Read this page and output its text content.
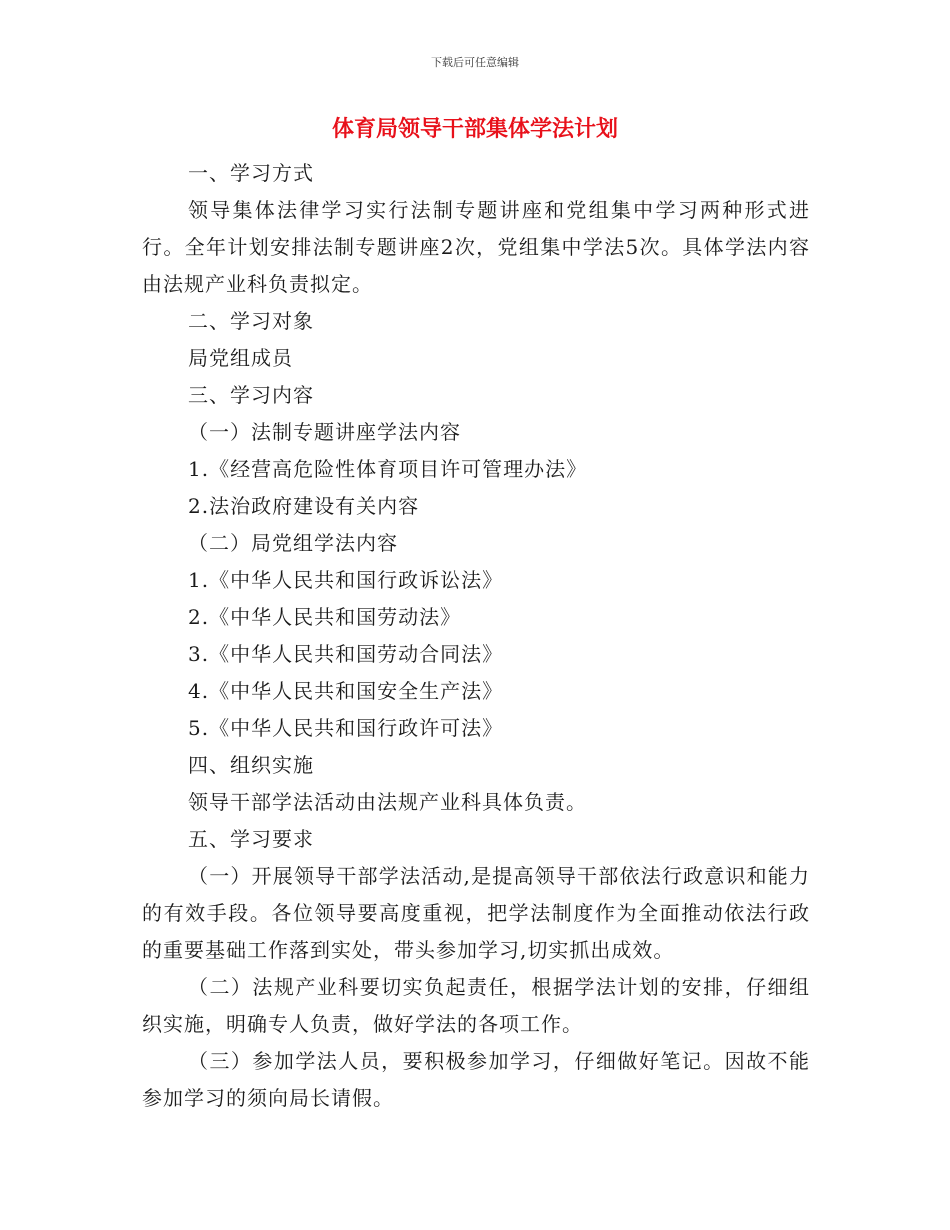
下载后可任意编辑
体育局领导干部集体学法计划

一、学习方式

领导集体法律学习实行法制专题讲座和党组集中学习两种形式进行。全年计划安排法制专题讲座2次，党组集中学法5次。具体学法内容由法规产业科负责拟定。

二、学习对象

局党组成员

三、学习内容

（一）法制专题讲座学法内容

1.《经营高危险性体育项目许可管理办法》

2.法治政府建设有关内容

（二）局党组学法内容

1.《中华人民共和国行政诉讼法》

2.《中华人民共和国劳动法》

3.《中华人民共和国劳动合同法》

4.《中华人民共和国安全生产法》

5.《中华人民共和国行政许可法》

四、组织实施

领导干部学法活动由法规产业科具体负责。

五、学习要求

（一）开展领导干部学法活动,是提高领导干部依法行政意识和能力的有效手段。各位领导要高度重视，把学法制度作为全面推动依法行政的重要基础工作落到实处，带头参加学习,切实抓出成效。

（二）法规产业科要切实负起责任，根据学法计划的安排，仔细组织实施，明确专人负责，做好学法的各项工作。

（三）参加学法人员，要积极参加学习，仔细做好笔记。因故不能参加学习的须向局长请假。
